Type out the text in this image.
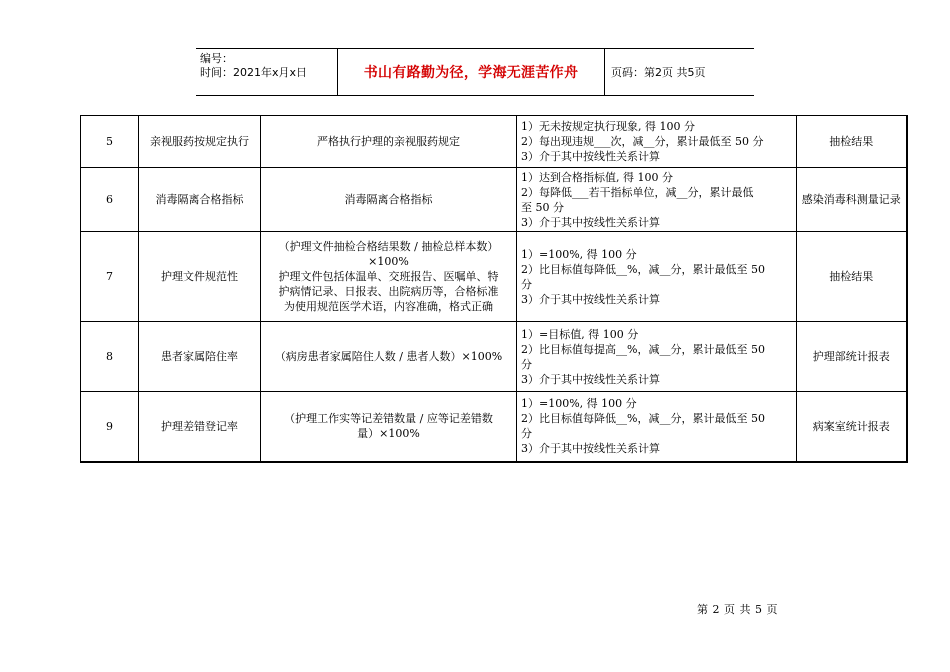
编号：
时间：2021年x月x日	书山有路勤为径，学海无涯苦作舟	页码：第2页 共5页
5	亲视服药按规定执行	严格执行护理的亲视服药规定	1）无未按规定执行现象, 得 100 分
2）每出现违规___次，减__分，累计最低至 50 分
3）介于其中按线性关系计算	抽检结果
6	消毒隔离合格指标	消毒隔离合格指标	1）达到合格指标值, 得 100 分
2）每降低___若干指标单位，减__分，累计最低
至 50 分
3）介于其中按线性关系计算	感染消毒科测量记录
7	护理文件规范性	（护理文件抽检合格结果数 / 抽检总样本数）
×100%
护理文件包括体温单、交班报告、医嘱单、特
护病情记录、日报表、出院病历等，合格标准
为使用规范医学术语，内容准确，格式正确	1）=100%, 得 100 分
2）比目标值每降低__%，减__分，累计最低至 50
分
3）介于其中按线性关系计算	抽检结果
8	患者家属陪住率	（病房患者家属陪住人数 / 患者人数）×100%	1）=目标值, 得 100 分
2）比目标值每提高__%，减__分，累计最低至 50
分
3）介于其中按线性关系计算	护理部统计报表
9	护理差错登记率	（护理工作实等记差错数量 / 应等记差错数
量）×100%	1）=100%, 得 100 分
2）比目标值每降低__%，减__分，累计最低至 50
分
3）介于其中按线性关系计算	病案室统计报表
第 2 页 共 5 页
